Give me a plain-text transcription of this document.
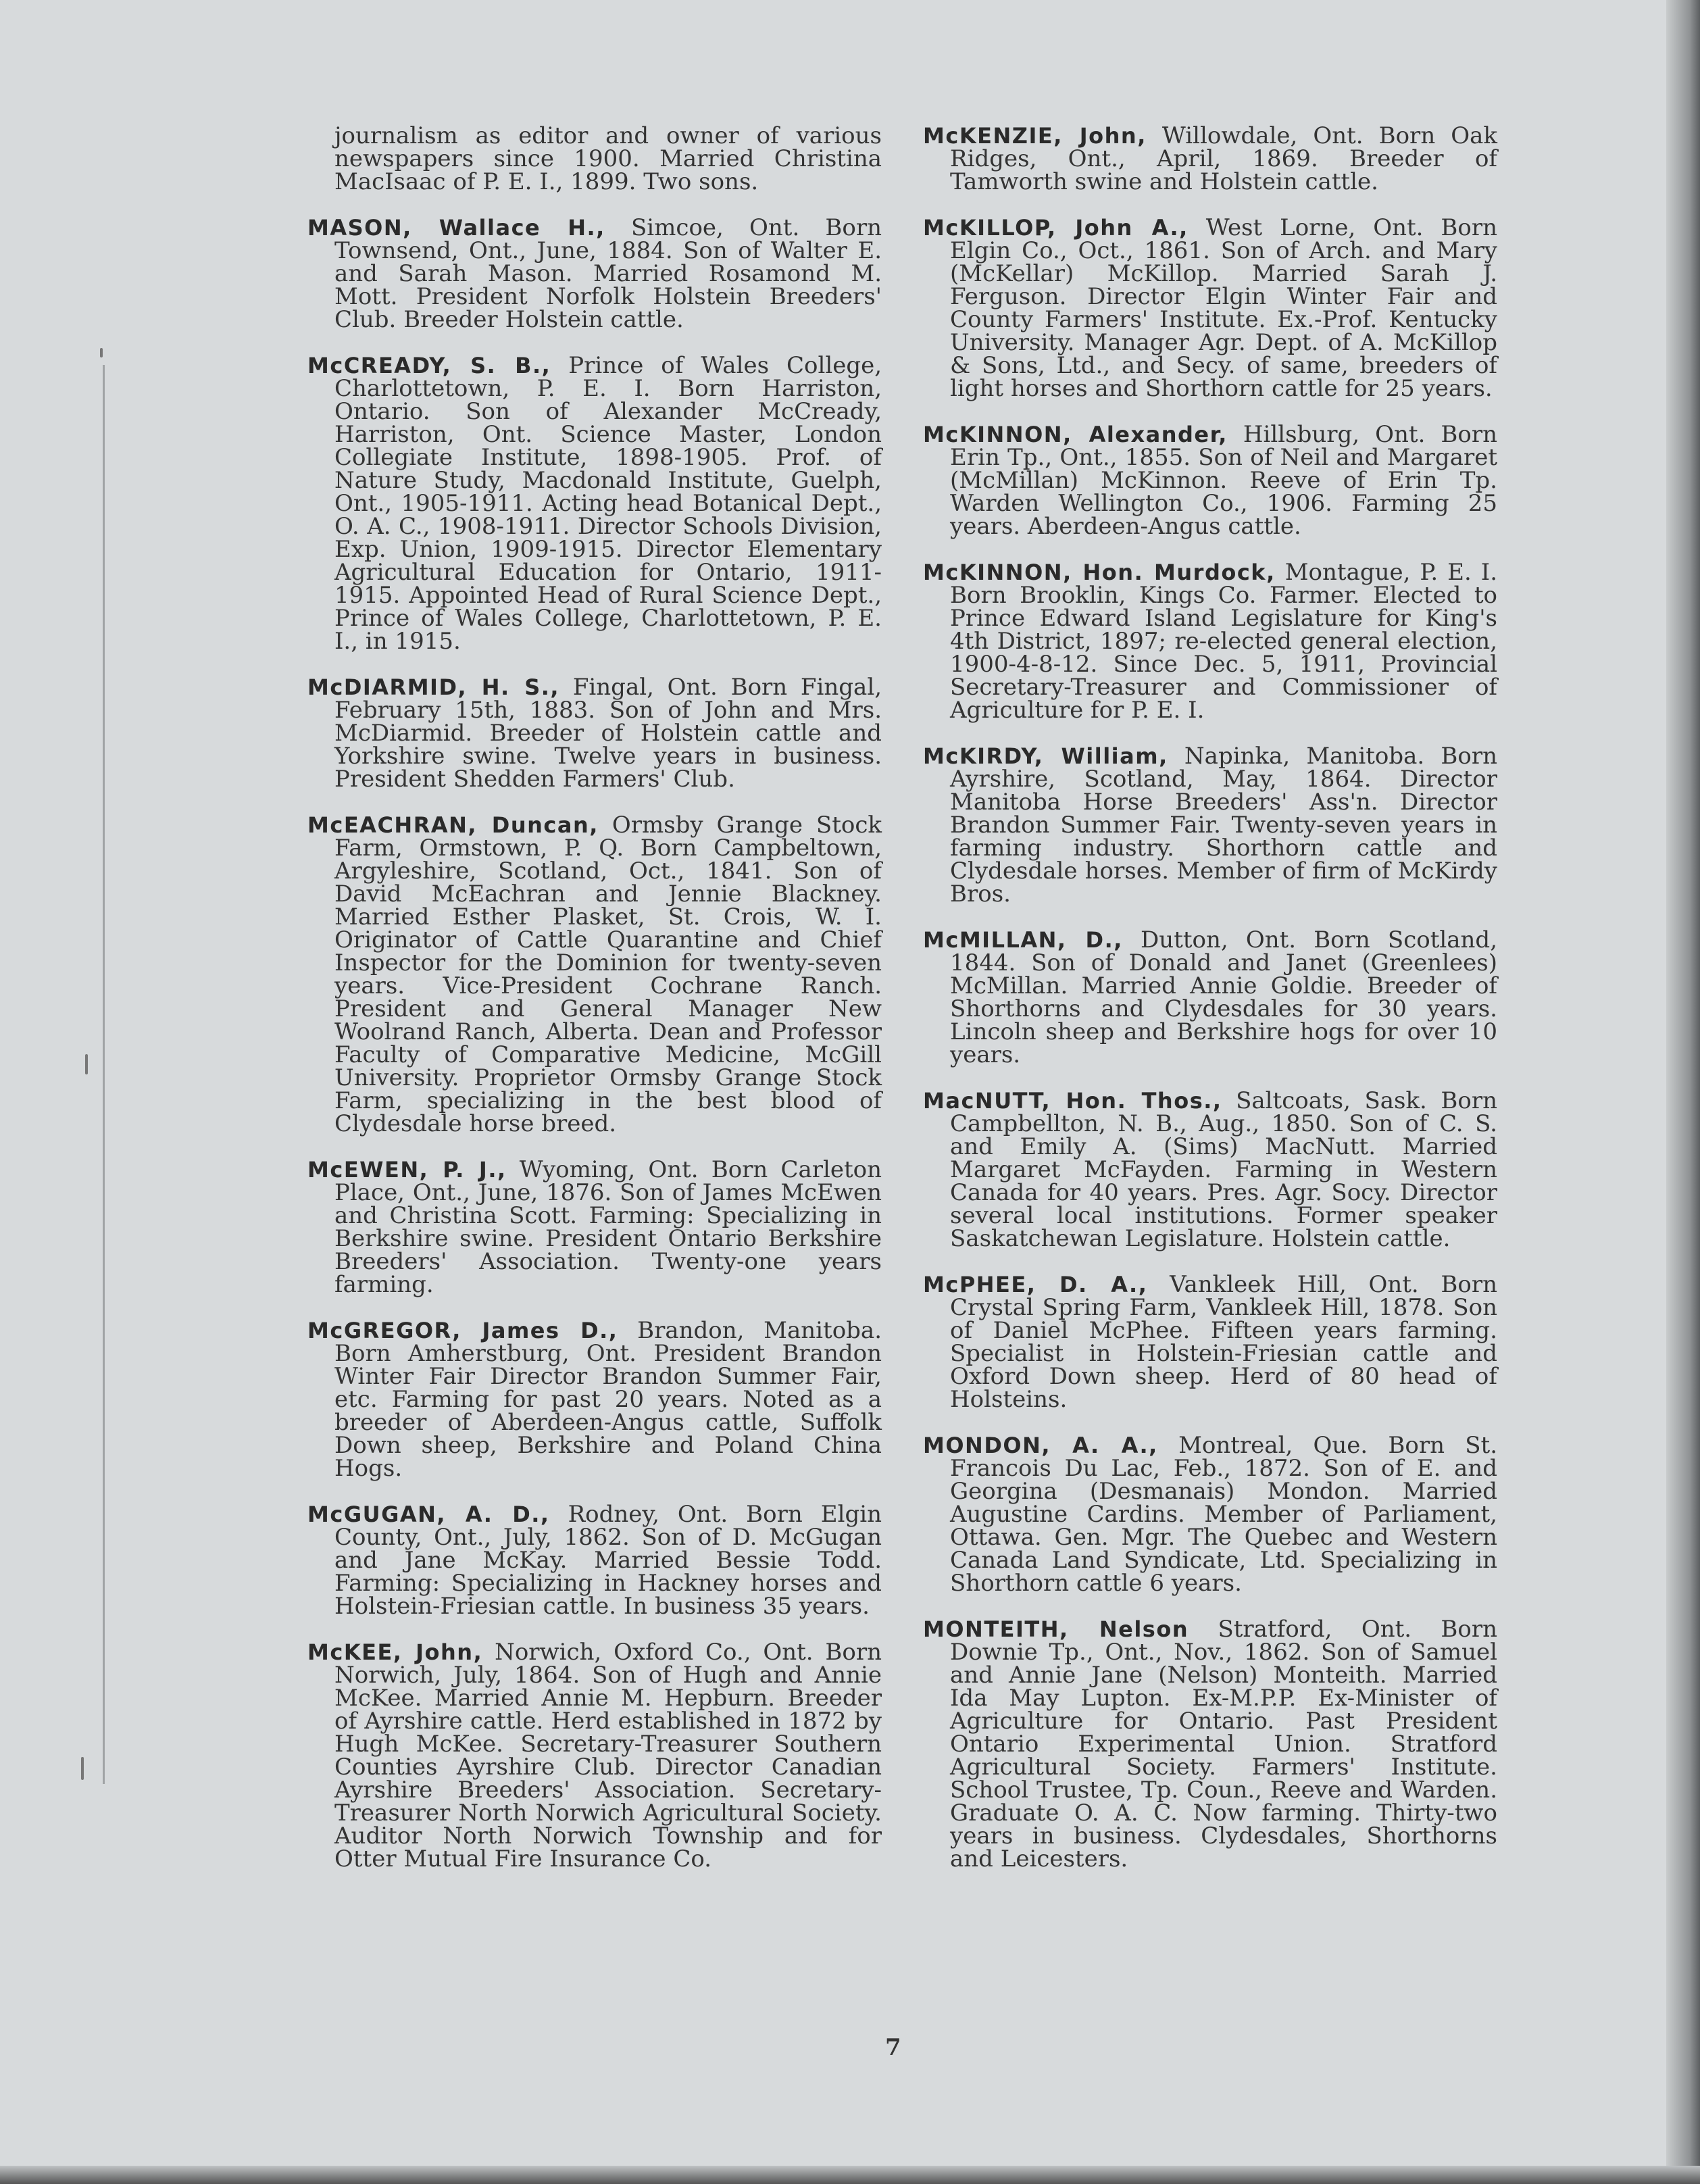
journalism as editor and owner of various newspapers since 1900. Married Christina MacIsaac of P. E. I., 1899. Two sons.

MASON, Wallace H., Simcoe, Ont. Born Townsend, Ont., June, 1884. Son of Walter E. and Sarah Mason. Married Rosamond M. Mott. President Norfolk Holstein Breeders' Club. Breeder Holstein cattle.

McCREADY, S. B., Prince of Wales College, Charlottetown, P. E. I. Born Harriston, Ontario. Son of Alexander McCready, Harriston, Ont. Science Master, London Collegiate Institute, 1898-1905. Prof. of Nature Study, Macdonald Institute, Guelph, Ont., 1905-1911. Acting head Botanical Dept., O. A. C., 1908-1911. Director Schools Division, Exp. Union, 1909-1915. Director Elementary Agricultural Education for Ontario, 1911-1915. Appointed Head of Rural Science Dept., Prince of Wales College, Charlottetown, P. E. I., in 1915.

McDIARMID, H. S., Fingal, Ont. Born Fingal, February 15th, 1883. Son of John and Mrs. McDiarmid. Breeder of Holstein cattle and Yorkshire swine. Twelve years in business. President Shedden Farmers' Club.

McEACHRAN, Duncan, Ormsby Grange Stock Farm, Ormstown, P. Q. Born Campbeltown, Argyleshire, Scotland, Oct., 1841. Son of David McEachran and Jennie Blackney. Married Esther Plasket, St. Crois, W. I. Originator of Cattle Quarantine and Chief Inspector for the Dominion for twenty-seven years. Vice-President Cochrane Ranch. President and General Manager New Woolrand Ranch, Alberta. Dean and Professor Faculty of Comparative Medicine, McGill University. Proprietor Ormsby Grange Stock Farm, specializing in the best blood of Clydesdale horse breed.

McEWEN, P. J., Wyoming, Ont. Born Carleton Place, Ont., June, 1876. Son of James McEwen and Christina Scott. Farming: Specializing in Berkshire swine. President Ontario Berkshire Breeders' Association. Twenty-one years farming.

McGREGOR, James D., Brandon, Manitoba. Born Amherstburg, Ont. President Brandon Winter Fair Director Brandon Summer Fair, etc. Farming for past 20 years. Noted as a breeder of Aberdeen-Angus cattle, Suffolk Down sheep, Berkshire and Poland China Hogs.

McGUGAN, A. D., Rodney, Ont. Born Elgin County, Ont., July, 1862. Son of D. McGugan and Jane McKay. Married Bessie Todd. Farming: Specializing in Hackney horses and Holstein-Friesian cattle. In business 35 years.

McKEE, John, Norwich, Oxford Co., Ont. Born Norwich, July, 1864. Son of Hugh and Annie McKee. Married Annie M. Hepburn. Breeder of Ayrshire cattle. Herd established in 1872 by Hugh McKee. Secretary-Treasurer Southern Counties Ayrshire Club. Director Canadian Ayrshire Breeders' Association. Secretary-Treasurer North Norwich Agricultural Society. Auditor North Norwich Township and for Otter Mutual Fire Insurance Co.

McKENZIE, John, Willowdale, Ont. Born Oak Ridges, Ont., April, 1869. Breeder of Tamworth swine and Holstein cattle.

McKILLOP, John A., West Lorne, Ont. Born Elgin Co., Oct., 1861. Son of Arch. and Mary (McKellar) McKillop. Married Sarah J. Ferguson. Director Elgin Winter Fair and County Farmers' Institute. Ex.-Prof. Kentucky University. Manager Agr. Dept. of A. McKillop & Sons, Ltd., and Secy. of same, breeders of light horses and Shorthorn cattle for 25 years.

McKINNON, Alexander, Hillsburg, Ont. Born Erin Tp., Ont., 1855. Son of Neil and Margaret (McMillan) McKinnon. Reeve of Erin Tp. Warden Wellington Co., 1906. Farming 25 years. Aberdeen-Angus cattle.

McKINNON, Hon. Murdock, Montague, P. E. I. Born Brooklin, Kings Co. Farmer. Elected to Prince Edward Island Legislature for King's 4th District, 1897; re-elected general election, 1900-4-8-12. Since Dec. 5, 1911, Provincial Secretary-Treasurer and Commissioner of Agriculture for P. E. I.

McKIRDY, William, Napinka, Manitoba. Born Ayrshire, Scotland, May, 1864. Director Manitoba Horse Breeders' Ass'n. Director Brandon Summer Fair. Twenty-seven years in farming industry. Shorthorn cattle and Clydesdale horses. Member of firm of McKirdy Bros.

McMILLAN, D., Dutton, Ont. Born Scotland, 1844. Son of Donald and Janet (Greenlees) McMillan. Married Annie Goldie. Breeder of Shorthorns and Clydesdales for 30 years. Lincoln sheep and Berkshire hogs for over 10 years.

MacNUTT, Hon. Thos., Saltcoats, Sask. Born Campbellton, N. B., Aug., 1850. Son of C. S. and Emily A. (Sims) MacNutt. Married Margaret McFayden. Farming in Western Canada for 40 years. Pres. Agr. Socy. Director several local institutions. Former speaker Saskatchewan Legislature. Holstein cattle.

McPHEE, D. A., Vankleek Hill, Ont. Born Crystal Spring Farm, Vankleek Hill, 1878. Son of Daniel McPhee. Fifteen years farming. Specialist in Holstein-Friesian cattle and Oxford Down sheep. Herd of 80 head of Holsteins.

MONDON, A. A., Montreal, Que. Born St. Francois Du Lac, Feb., 1872. Son of E. and Georgina (Desmanais) Mondon. Married Augustine Cardins. Member of Parliament, Ottawa. Gen. Mgr. The Quebec and Western Canada Land Syndicate, Ltd. Specializing in Shorthorn cattle 6 years.

MONTEITH, Nelson Stratford, Ont. Born Downie Tp., Ont., Nov., 1862. Son of Samuel and Annie Jane (Nelson) Monteith. Married Ida May Lupton. Ex-M.P.P. Ex-Minister of Agriculture for Ontario. Past President Ontario Experimental Union. Stratford Agricultural Society. Farmers' Institute. School Trustee, Tp. Coun., Reeve and Warden. Graduate O. A. C. Now farming. Thirty-two years in business. Clydesdales, Shorthorns and Leicesters.

7
